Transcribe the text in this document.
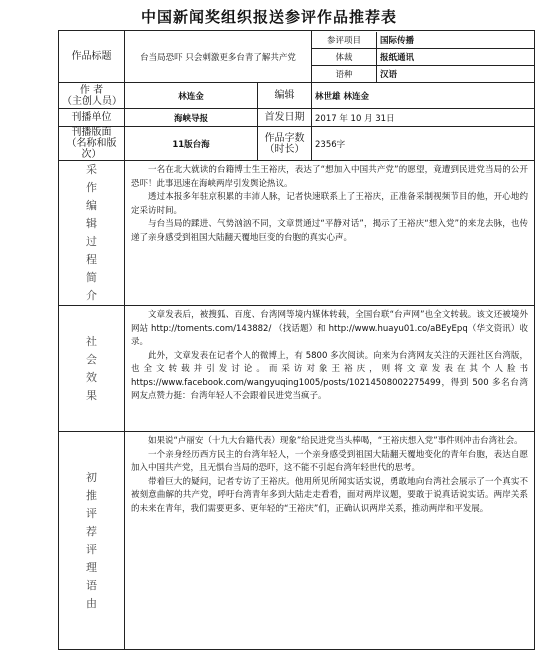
中国新闻奖组织报送参评作品推荐表
作品标题	台当局恐吓 只会刺激更多台青了解共产党	
参评项目	国际传播
体裁	报纸通讯
语种	汉语

作 者
（主创人员）	林连金	编辑	林世雄 林连金
刊播单位	海峡导报	首发日期	2017 年 10 月 31日
刊播版面（名称和版次）	11版台海	作品字数（时长）	2356字
采作编辑过程简介	

一名在北大就读的台籍博士生王裕庆，表达了“想加入中国共产党”的愿望，竟遭到民进党当局的公开恐吓！此事迅速在海峡两岸引发舆论热议。

透过本报多年驻京积累的丰沛人脉，记者快速联系上了王裕庆，正准备采制视频节目的他，开心地约定采访时间。

与台当局的蹂进、气势汹汹不同，文章贯通过“平静对话”，揭示了王裕庆“想入党”的来龙去脉，也传递了亲身感受到祖国大陆翻天覆地巨变的台胞的真实心声。

社会效果	

文章发表后，被搜狐、百度、台湾网等境内媒体转载，全国台联“台声网”也全文转载。该文还被境外网站 http://toments.com/143882/ （找话题）和 http://www.huayu01.co/aBEyEpq（华文资讯）收录。

此外，文章发表在记者个人的微博上，有 5800 多次阅读。向来为台湾网友关注的天涯社区台湾版，也全文转载并引发讨论。而采访对象王裕庆，则将文章发表在其个人脸书 https://www.facebook.com/wangyuqing1005/posts/10214508002275499，得到 500 多名台湾网友点赞力挺：台湾年轻人不会跟着民进党当疯子。

初推评荐评理语由	

如果说“卢丽安（十九大台籍代表）现象”给民进党当头棒喝，“王裕庆想入党”事件则冲击台湾社会。

一个亲身经历西方民主的台湾年轻人，一个亲身感受到祖国大陆翻天覆地变化的青年台胞，表达自愿加入中国共产党，且无惧台当局的恐吓，这不能不引起台湾年轻世代的思考。

带着巨大的疑问，记者专访了王裕庆。他用所见所闻实话实说，勇敢地向台湾社会展示了一个真实不被刻意曲解的共产党，呼吁台湾青年多到大陆走走看看，面对两岸议题，要敢于说真话说实话。两岸关系的未来在青年，我们需要更多、更年轻的“王裕庆”们，正确认识两岸关系，推动两岸和平发展。
